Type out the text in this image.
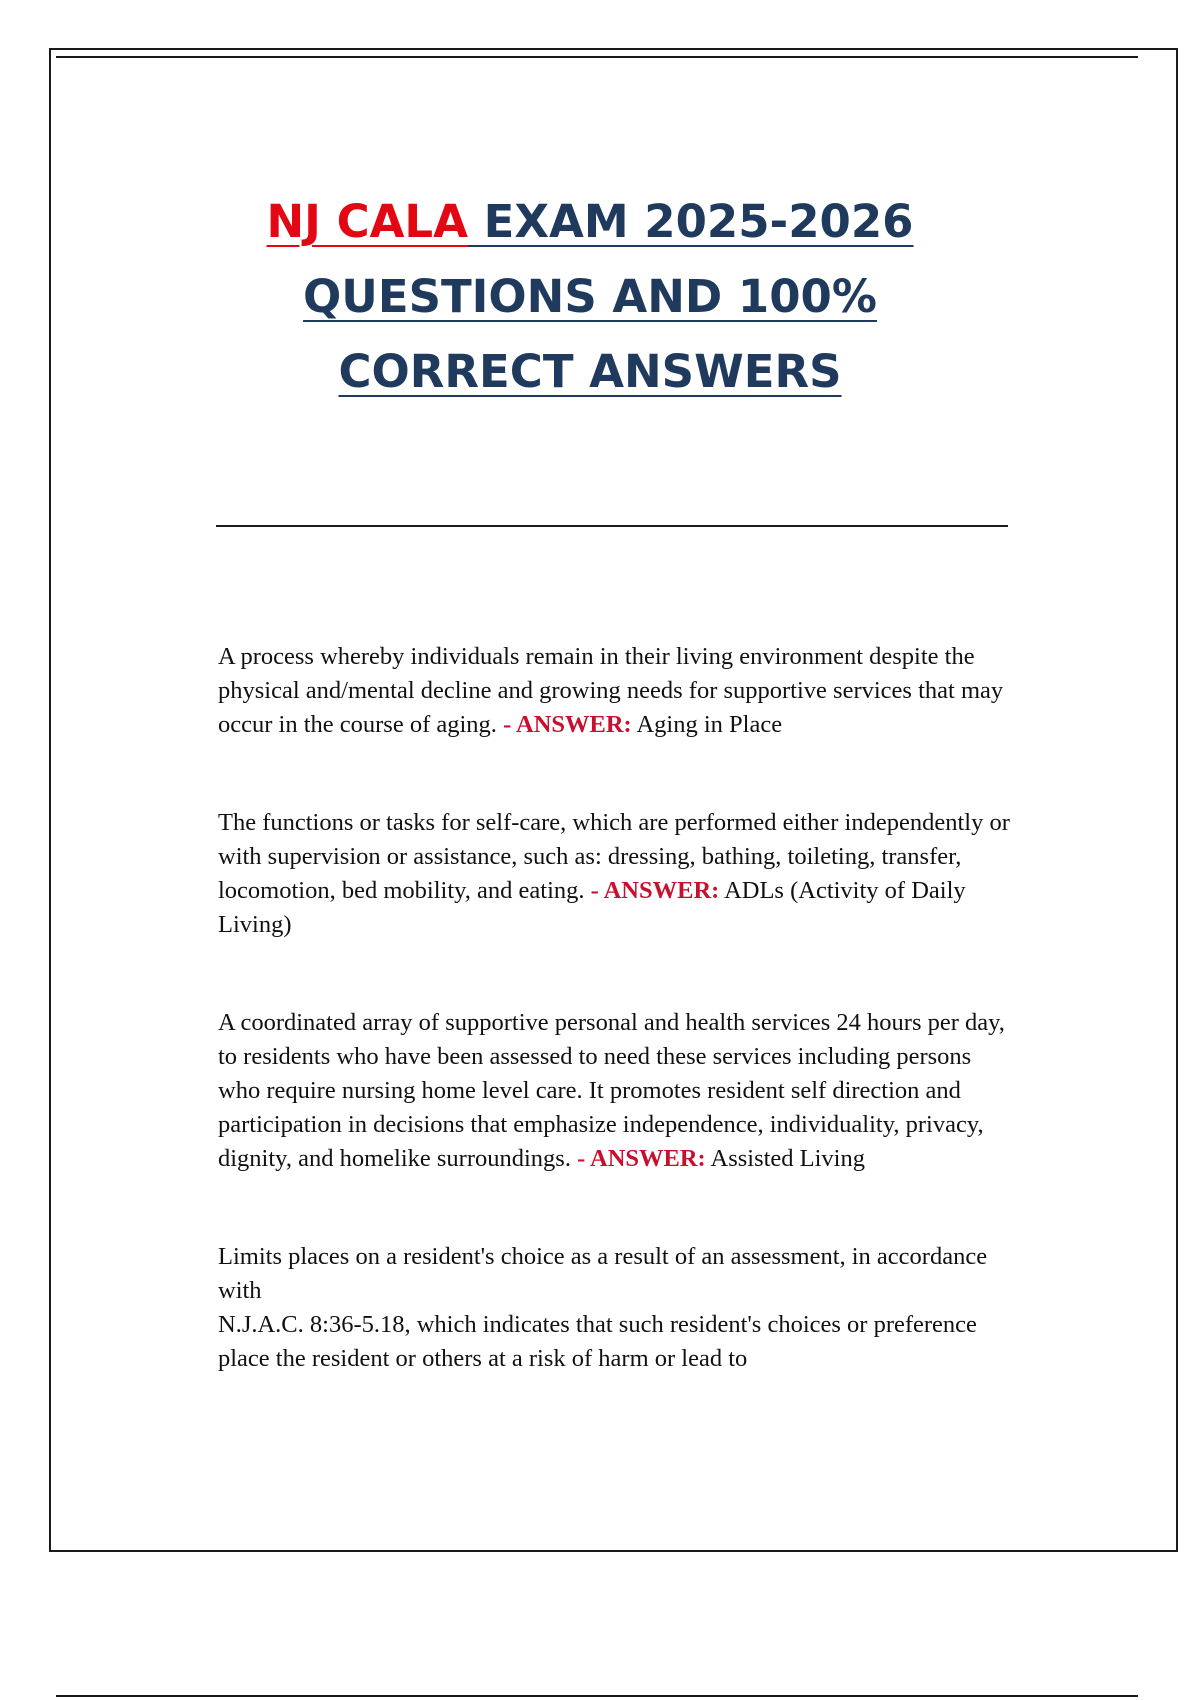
NJ CALA EXAM 2025-2026
QUESTIONS AND 100%
CORRECT ANSWERS
A process whereby individuals remain in their living environment despite the physical and/mental decline and growing needs for supportive services that may occur in the course of aging. - ANSWER: Aging in Place
The functions or tasks for self-care, which are performed either independently or with supervision or assistance, such as: dressing, bathing, toileting, transfer, locomotion, bed mobility, and eating. - ANSWER: ADLs (Activity of Daily Living)
A coordinated array of supportive personal and health services 24 hours per day, to residents who have been assessed to need these services including persons who require nursing home level care. It promotes resident self direction and participation in decisions that emphasize independence, individuality, privacy, dignity, and homelike surroundings. - ANSWER: Assisted Living
Limits places on a resident's choice as a result of an assessment, in accordance with
N.J.A.C. 8:36-5.18, which indicates that such resident's choices or preference place the resident or others at a risk of harm or lead to
